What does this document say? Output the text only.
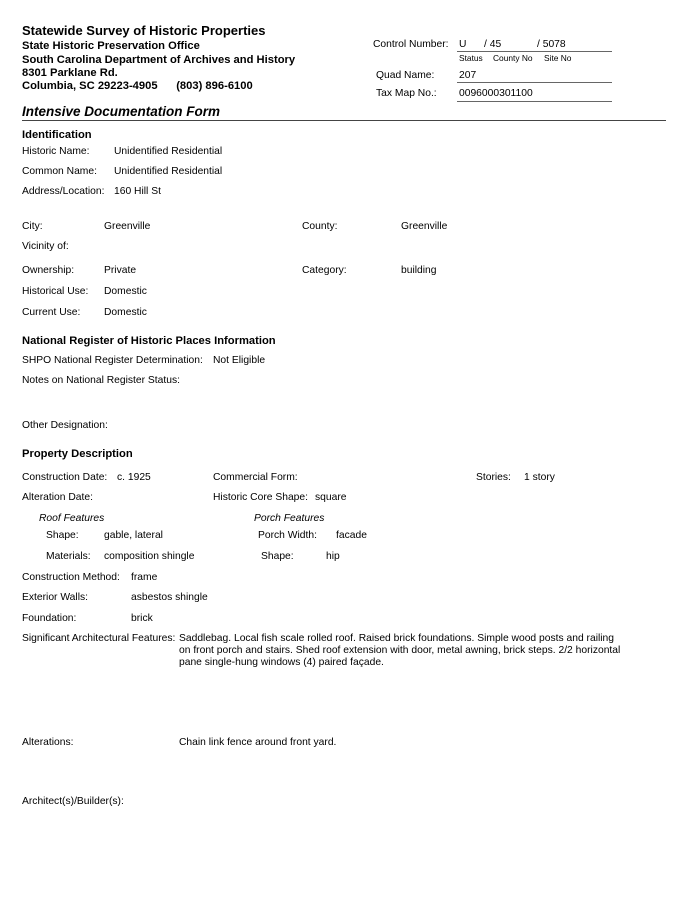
Statewide Survey of Historic Properties
State Historic Preservation Office
South Carolina Department of Archives and History
8301 Parklane Rd.
Columbia, SC 29223-4905      (803) 896-6100
Control Number: U / 45	/ 5078
Status County No Site No
Quad Name: 207
Tax Map No.: 0096000301100
Intensive Documentation Form
Identification
Historic Name: Unidentified Residential
Common Name: Unidentified Residential
Address/Location: 160 Hill St
City:	Greenville	County:	Greenville
Vicinity of:
Ownership:	Private	Category:	building
Historical Use: Domestic
Current Use: Domestic
National Register of Historic Places Information
SHPO National Register Determination: Not Eligible
Notes on National Register Status:
Other Designation:
Property Description
Construction Date: c. 1925	Commercial Form:	Stories: 1 story
Alteration Date:	Historic Core Shape: square
Roof Features	Porch Features
Shape: gable, lateral	Porch Width: facade
Materials: composition shingle	Shape:	hip
Construction Method: frame
Exterior Walls:	asbestos shingle
Foundation:	brick
Significant Architectural Features: Saddlebag. Local fish scale rolled roof. Raised brick foundations. Simple wood posts and railing
on front porch and stairs. Shed roof extension with door, metal awning, brick steps. 2/2 horizontal
pane single-hung windows (4) paired façade.
Alterations:	Chain link fence around front yard.
Architect(s)/Builder(s):
